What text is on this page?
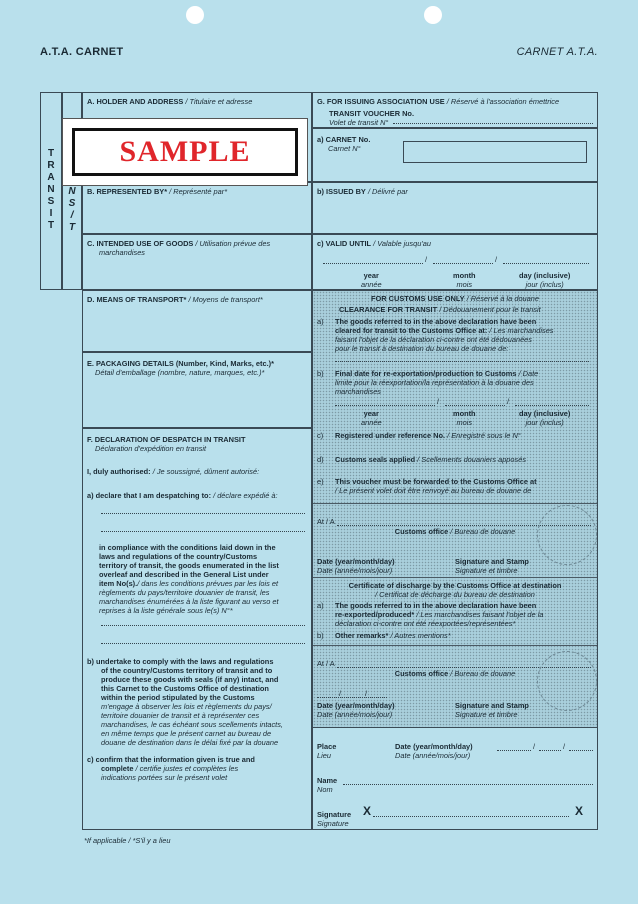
A.T.A. CARNET	CARNET A.T.A.
T
R
A
N
S
I
T
N
S
/
T
A. HOLDER AND ADDRESS / Titulaire et adresse
B. REPRESENTED BY* / Représenté par*
C. INTENDED USE OF GOODS / Utilisation prévue des
marchandises
SAMPLE
G. FOR ISSUING ASSOCIATION USE / Réservé à l'association émettrice
TRANSIT VOUCHER No.
Volet de transit N°
a) CARNET No.
Carnet N°
b) ISSUED BY / Délivré par
c) VALID UNTIL / Valable jusqu'au
/	/
year
année
month
mois
day (inclusive)
jour (inclus)
D. MEANS OF TRANSPORT* / Moyens de transport*
E. PACKAGING DETAILS (Number, Kind, Marks, etc.)*
Détail d'emballage (nombre, nature, marques, etc.)*
F. DECLARATION OF DESPATCH IN TRANSIT
Déclaration d'expédition en transit
I, duly authorised: / Je soussigné, dûment autorisé:
a) declare that I am despatching to: / déclare expédié à:
in compliance with the conditions laid down in the
laws and regulations of the country/Customs
territory of transit, the goods enumerated in the list
overleaf and described in the General List under
item No(s)./ dans les conditions prévues par les lois et
règlements du pays/territoire douanier de transit, les
marchandises énumérées à la liste figurant au verso et
reprises à la liste générale sous le(s) N°*
b) undertake to comply with the laws and regulations
of the country/Customs territory of transit and to
produce these goods with seals (if any) intact, and
this Carnet to the Customs Office of destination
within the period stipulated by the Customs
m'engage à observer les lois et règlements du pays/
territoire douanier de transit et à représenter ces
marchandises, le cas échéant sous scellements intacts,
en même temps que le présent carnet au bureau de
douane de destination dans le délai fixé par la douane
c) confirm that the information given is true and
complete / certifie justes et complètes les
indications portées sur le présent volet
FOR CUSTOMS USE ONLY / Réservé à la douane
CLEARANCE FOR TRANSIT / Dédouanement pour le transit
a) The goods referred to in the above declaration have been
cleared for transit to the Customs Office at: / Les marchandises
faisant l'objet de la déclaration ci-contre ont été dédouanées
pour le transit à destination du bureau de douane de:
b) Final date for re-exportation/production to Customs / Date
limite pour la réexportation/la représentation à la douane des
marchandises
/	/
year
année
month
mois
day (inclusive)
jour (inclus)
c) Registered under reference No. / Enregistré sous le N°
d) Customs seals applied / Scellements douaniers apposés
e) This voucher must be forwarded to the Customs Office at
/ Le présent volet doit être renvoyé au bureau de douane de
At / A
Customs office / Bureau de douane
Date (year/month/day)
Date (année/mois/jour)
Signature and Stamp
Signature et timbre
Certificate of discharge by the Customs Office at destination
/ Certificat de décharge du bureau de destination
a) The goods referred to in the above declaration have been
re-exported/produced* / Les marchandises faisant l'objet de la
déclaration ci-contre ont été réexportées/représentées*
b) Other remarks* / Autres mentions*
At / A
Customs office / Bureau de douane
/	/
Date (year/month/day)
Date (année/mois/jour)
Signature and Stamp
Signature et timbre
Place
Lieu
Date (year/month/day)
Date (année/mois/jour)
/	/
Name
Nom
Signature
Signature
X	X
*If applicable / *S'il y a lieu
